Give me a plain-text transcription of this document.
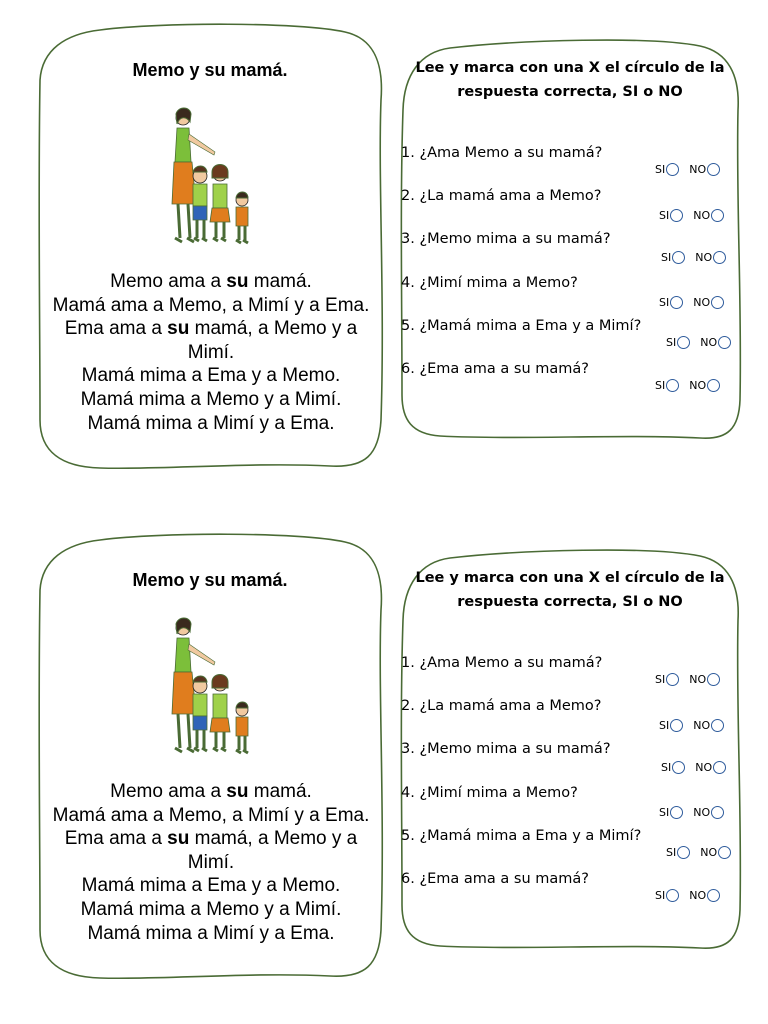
Memo y su mamá.
Memo ama a su mamá.
Mamá ama a Memo, a Mimí y a Ema.
Ema ama a su mamá, a Memo y a
Mimí.
Mamá mima a Ema y a Memo.
Mamá mima a Memo y a Mimí.
Mamá mima a Mimí y a Ema.
Lee y marca con una X el círculo de la
respuesta correcta, SI o NO
1. ¿Ama Memo a su mamá?
SI NO
2. ¿La mamá ama a Memo?
SI NO
3. ¿Memo mima a su mamá?
SI NO
4. ¿Mimí mima a Memo?
SI NO
5. ¿Mamá mima a Ema y a Mimí?
SI NO
6. ¿Ema ama a su mamá?
SI NO
Memo y su mamá.
Memo ama a su mamá.
Mamá ama a Memo, a Mimí y a Ema.
Ema ama a su mamá, a Memo y a
Mimí.
Mamá mima a Ema y a Memo.
Mamá mima a Memo y a Mimí.
Mamá mima a Mimí y a Ema.
Lee y marca con una X el círculo de la
respuesta correcta, SI o NO
1. ¿Ama Memo a su mamá?
SI NO
2. ¿La mamá ama a Memo?
SI NO
3. ¿Memo mima a su mamá?
SI NO
4. ¿Mimí mima a Memo?
SI NO
5. ¿Mamá mima a Ema y a Mimí?
SI NO
6. ¿Ema ama a su mamá?
SI NO
